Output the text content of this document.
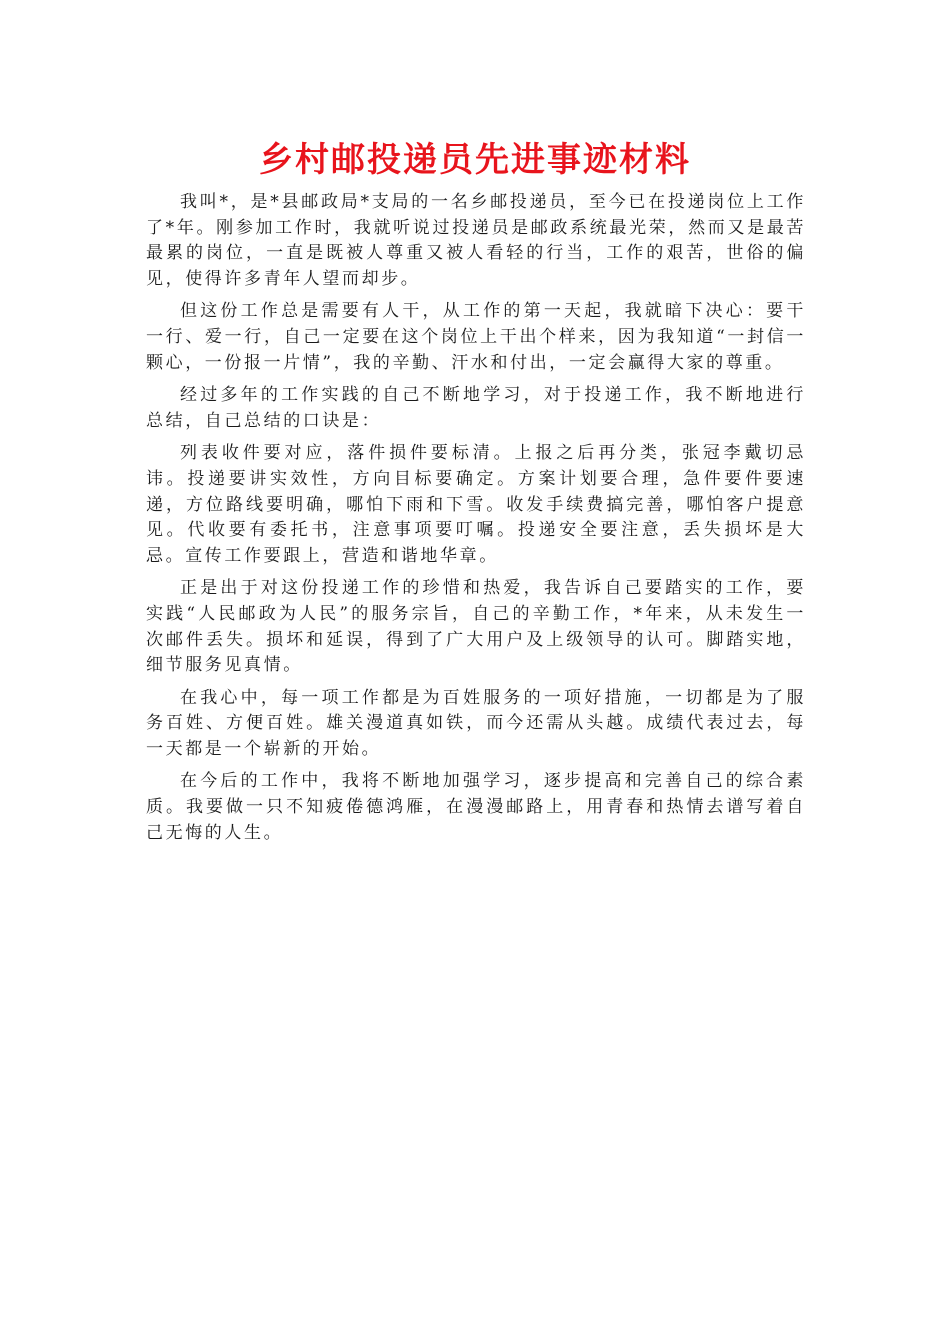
乡村邮投递员先进事迹材料

我叫*，是*县邮政局*支局的一名乡邮投递员，至今已在投递岗位上工作了*年。刚参加工作时，我就听说过投递员是邮政系统最光荣，然而又是最苦最累的岗位，一直是既被人尊重又被人看轻的行当，工作的艰苦，世俗的偏见，使得许多青年人望而却步。

但这份工作总是需要有人干，从工作的第一天起，我就暗下决心：要干一行、爱一行，自己一定要在这个岗位上干出个样来，因为我知道“一封信一颗心，一份报一片情”，我的辛勤、汗水和付出，一定会赢得大家的尊重。

经过多年的工作实践的自己不断地学习，对于投递工作，我不断地进行总结，自己总结的口诀是：

列表收件要对应，落件损件要标清。上报之后再分类，张冠李戴切忌讳。投递要讲实效性，方向目标要确定。方案计划要合理，急件要件要速递，方位路线要明确，哪怕下雨和下雪。收发手续费搞完善，哪怕客户提意见。代收要有委托书，注意事项要叮嘱。投递安全要注意，丢失损坏是大忌。宣传工作要跟上，营造和谐地华章。

正是出于对这份投递工作的珍惜和热爱，我告诉自己要踏实的工作，要实践“人民邮政为人民”的服务宗旨，自己的辛勤工作，*年来，从未发生一次邮件丢失。损坏和延误，得到了广大用户及上级领导的认可。脚踏实地，细节服务见真情。

在我心中，每一项工作都是为百姓服务的一项好措施，一切都是为了服务百姓、方便百姓。雄关漫道真如铁，而今还需从头越。成绩代表过去，每一天都是一个崭新的开始。

在今后的工作中，我将不断地加强学习，逐步提高和完善自己的综合素质。我要做一只不知疲倦德鸿雁，在漫漫邮路上，用青春和热情去谱写着自己无悔的人生。
